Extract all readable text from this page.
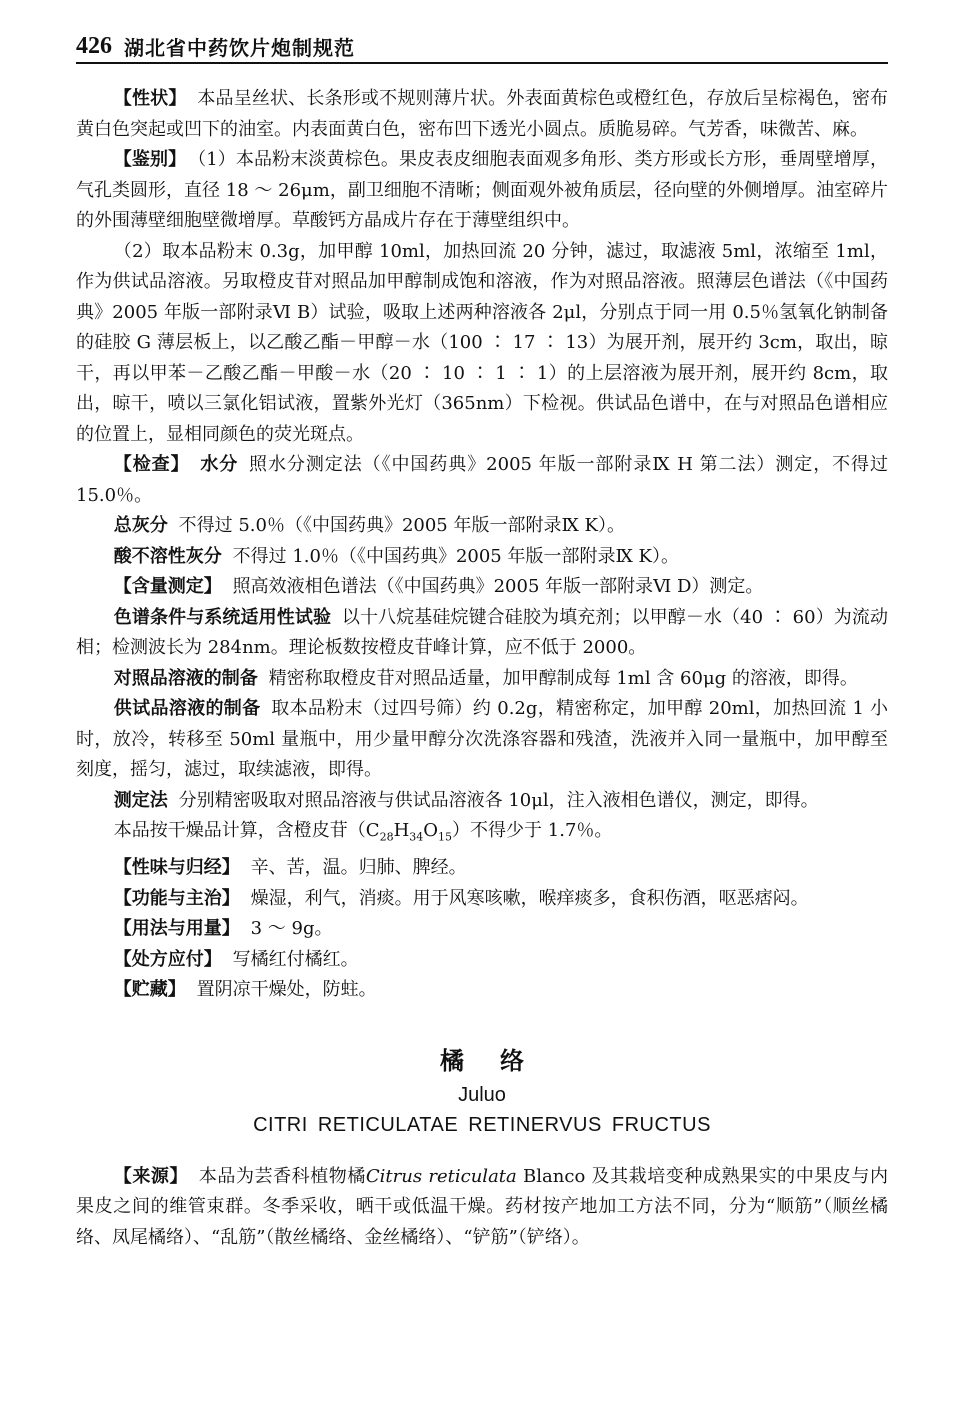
426 湖北省中药饮片炮制规范

【性状】 本品呈丝状、长条形或不规则薄片状。外表面黄棕色或橙红色，存放后呈棕褐色，密布黄白色突起或凹下的油室。内表面黄白色，密布凹下透光小圆点。质脆易碎。气芳香，味微苦、麻。

【鉴别】 （1）本品粉末淡黄棕色。果皮表皮细胞表面观多角形、类方形或长方形，垂周壁增厚，气孔类圆形，直径 18 ～ 26μm，副卫细胞不清晰；侧面观外被角质层，径向壁的外侧增厚。油室碎片的外围薄壁细胞壁微增厚。草酸钙方晶成片存在于薄壁组织中。

（2）取本品粉末 0.3g，加甲醇 10ml，加热回流 20 分钟，滤过，取滤液 5ml，浓缩至 1ml，作为供试品溶液。另取橙皮苷对照品加甲醇制成饱和溶液，作为对照品溶液。照薄层色谱法（《中国药典》2005 年版一部附录Ⅵ B）试验，吸取上述两种溶液各 2μl，分别点于同一用 0.5％氢氧化钠制备的硅胶 G 薄层板上，以乙酸乙酯－甲醇－水（100 ∶ 17 ∶ 13）为展开剂，展开约 3cm，取出，晾干，再以甲苯－乙酸乙酯－甲酸－水（20 ∶ 10 ∶ 1 ∶ 1）的上层溶液为展开剂，展开约 8cm，取出，晾干，喷以三氯化铝试液，置紫外光灯（365nm）下检视。供试品色谱中，在与对照品色谱相应的位置上，显相同颜色的荧光斑点。

【检查】 水分 照水分测定法（《中国药典》2005 年版一部附录Ⅸ H 第二法）测定，不得过 15.0％。

总灰分 不得过 5.0％（《中国药典》2005 年版一部附录Ⅸ K）。

酸不溶性灰分 不得过 1.0％（《中国药典》2005 年版一部附录Ⅸ K）。

【含量测定】 照高效液相色谱法（《中国药典》2005 年版一部附录Ⅵ D）测定。

色谱条件与系统适用性试验 以十八烷基硅烷键合硅胶为填充剂；以甲醇－水（40 ∶ 60）为流动相；检测波长为 284nm。理论板数按橙皮苷峰计算，应不低于 2000。

对照品溶液的制备 精密称取橙皮苷对照品适量，加甲醇制成每 1ml 含 60μg 的溶液，即得。

供试品溶液的制备 取本品粉末（过四号筛）约 0.2g，精密称定，加甲醇 20ml，加热回流 1 小时，放冷，转移至 50ml 量瓶中，用少量甲醇分次洗涤容器和残渣，洗液并入同一量瓶中，加甲醇至刻度，摇匀，滤过，取续滤液，即得。

测定法 分别精密吸取对照品溶液与供试品溶液各 10μl，注入液相色谱仪，测定，即得。

本品按干燥品计算，含橙皮苷$(C_{28}H_{34}O_{15})$不得少于 1.7％。

【性味与归经】 辛、苦，温。归肺、脾经。

【功能与主治】 燥湿，利气，消痰。用于风寒咳嗽，喉痒痰多，食积伤酒，呕恶痞闷。

【用法与用量】 3 ～ 9g。

【处方应付】 写橘红付橘红。

【贮藏】 置阴凉干燥处，防蛀。

橘络
Juluo
CITRI RETICULATAE RETINERVUS FRUCTUS

【来源】 本品为芸香科植物橘Citrus reticulata Blanco 及其栽培变种成熟果实的中果皮与内果皮之间的维管束群。冬季采收，晒干或低温干燥。药材按产地加工方法不同，分为“顺筋”（顺丝橘络、凤尾橘络）、“乱筋”（散丝橘络、金丝橘络）、“铲筋”（铲络）。
